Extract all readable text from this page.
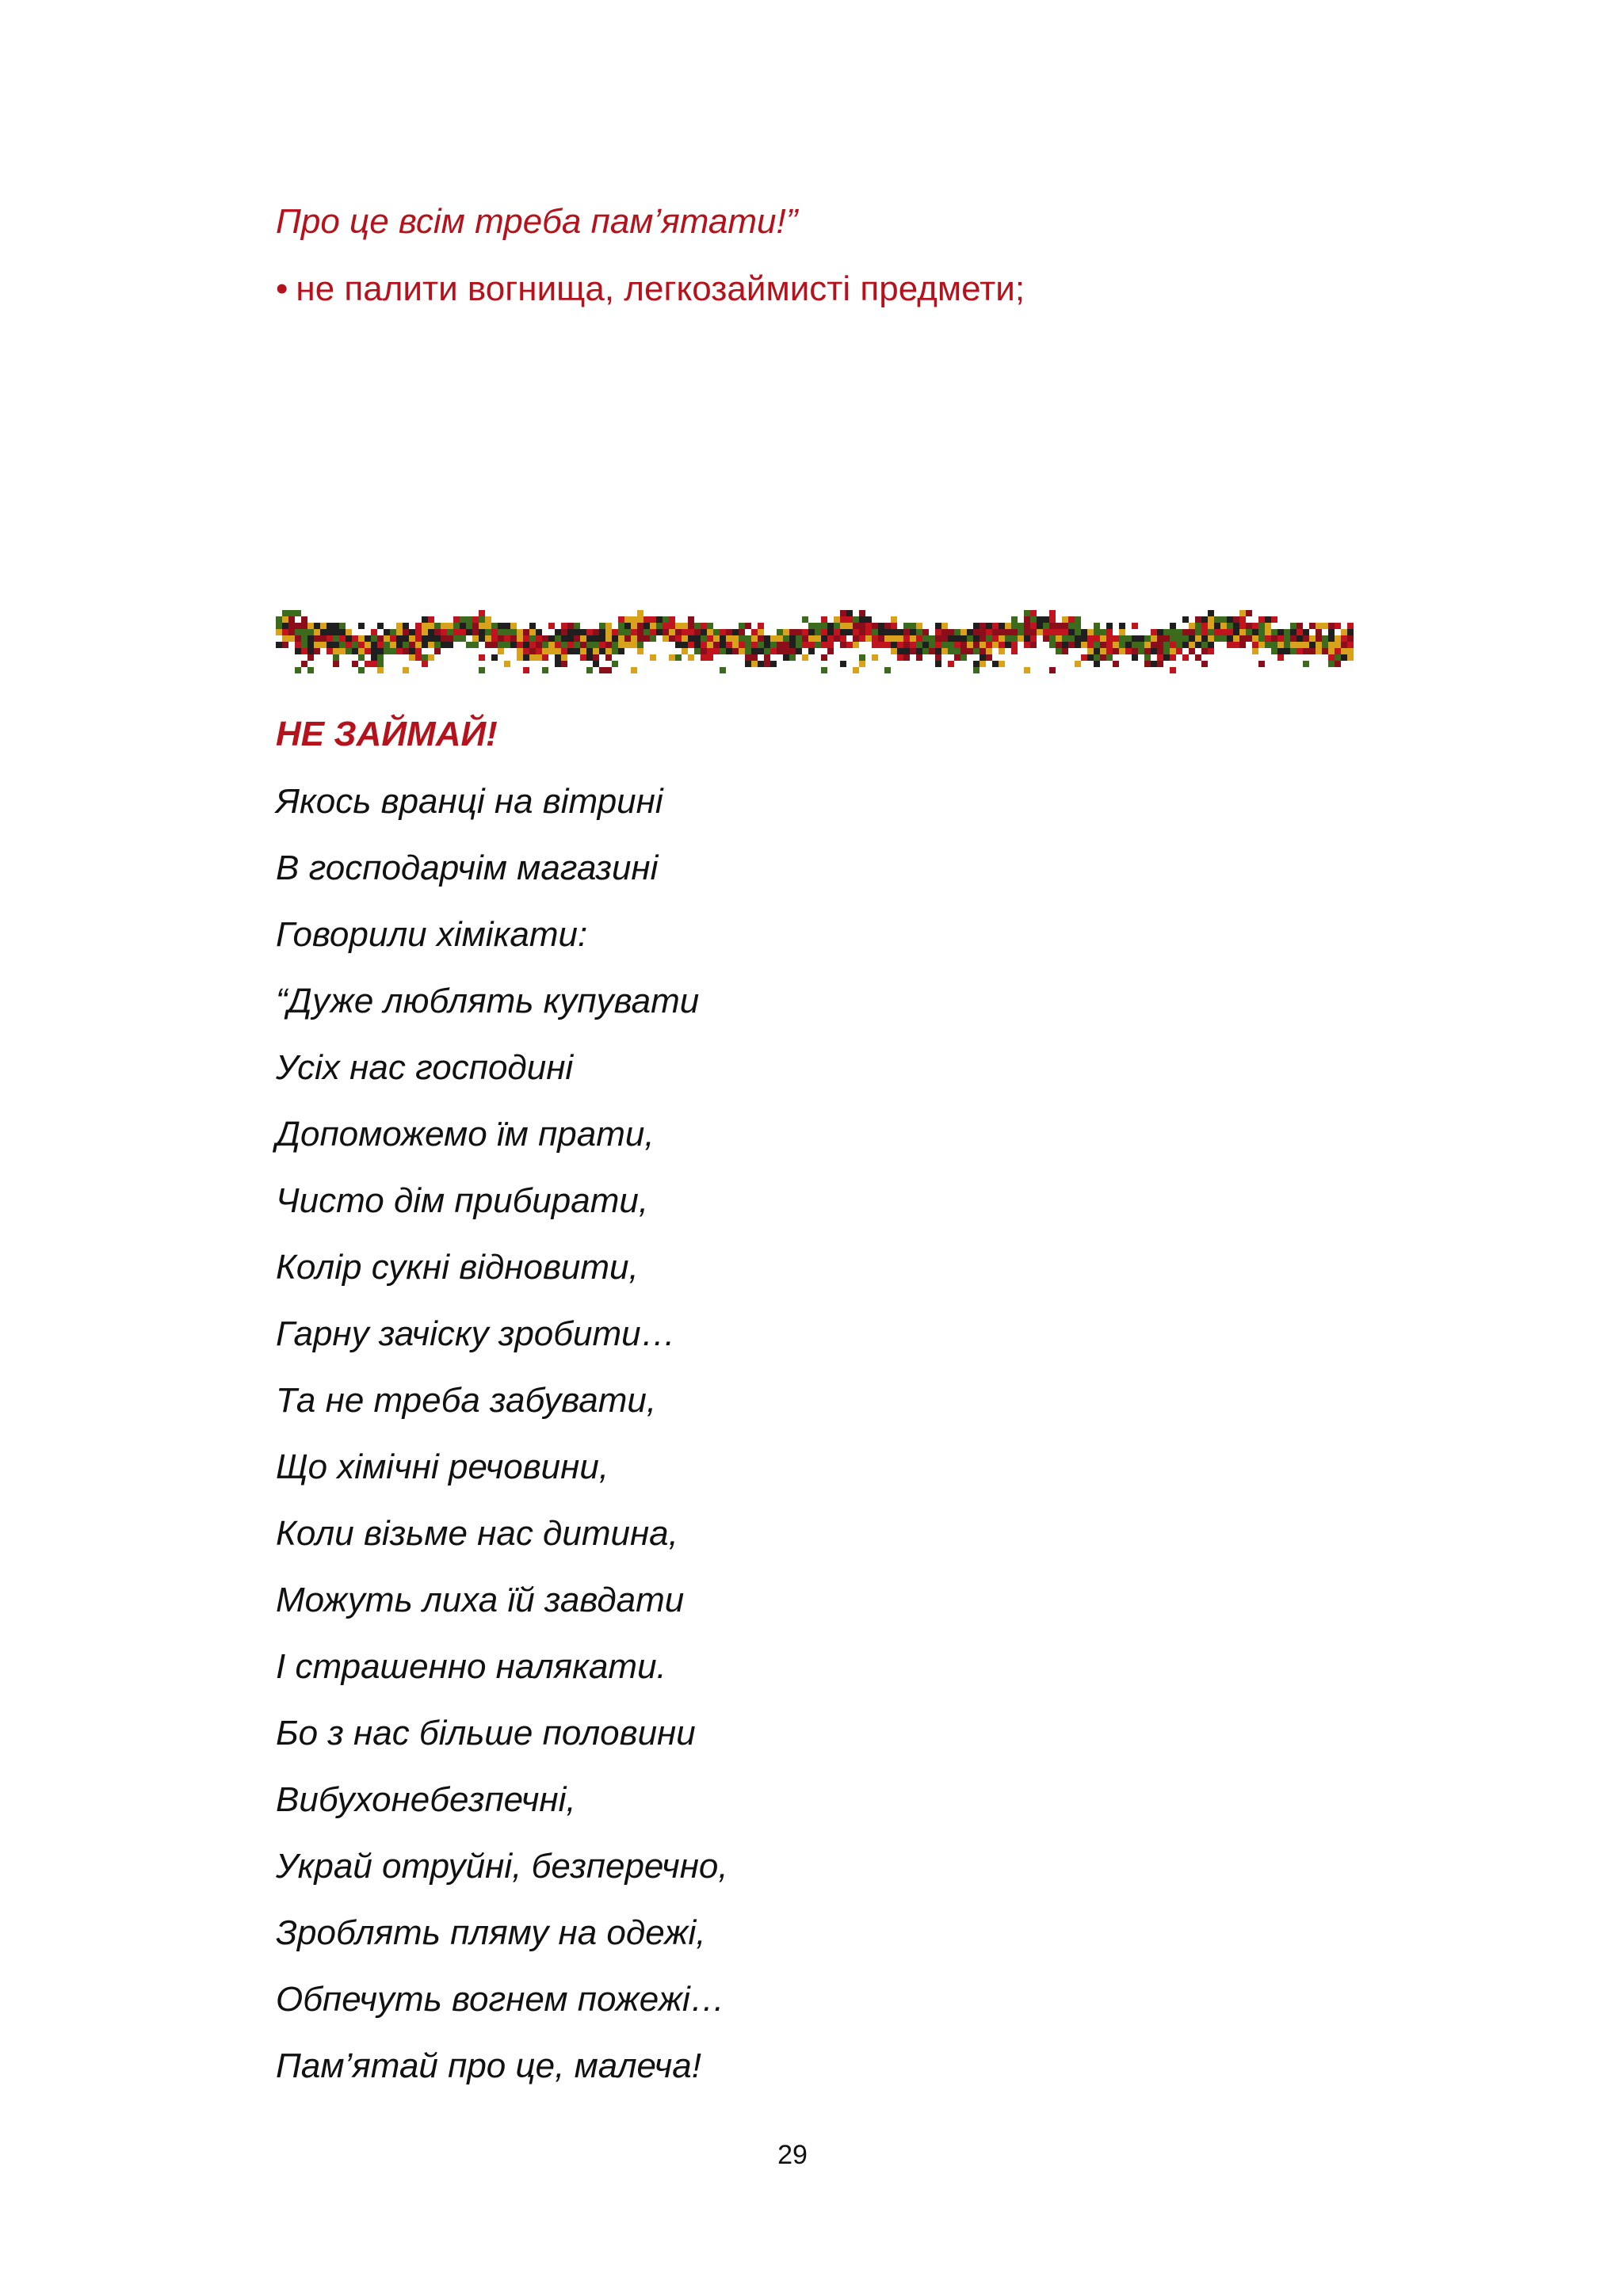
Про це всім треба пам’ятати!”
• не палити вогнища, легкозаймисті предмети;
НЕ ЗАЙМАЙ!
Якось вранці на вітрині
В господарчім магазині
Говорили хімікати:
“Дуже люблять купувати
Усіх нас господині
Допоможемо їм прати,
Чисто дім прибирати,
Колір сукні відновити,
Гарну зачіску зробити…
Та не треба забувати,
Що хімічні речовини,
Коли візьме нас дитина,
Можуть лиха їй завдати
І страшенно налякати.
Бо з нас більше половини
Вибухонебезпечні,
Украй отруйні, безперечно,
Зроблять пляму на одежі,
Обпечуть вогнем пожежі…
Пам’ятай про це, малеча!
29
